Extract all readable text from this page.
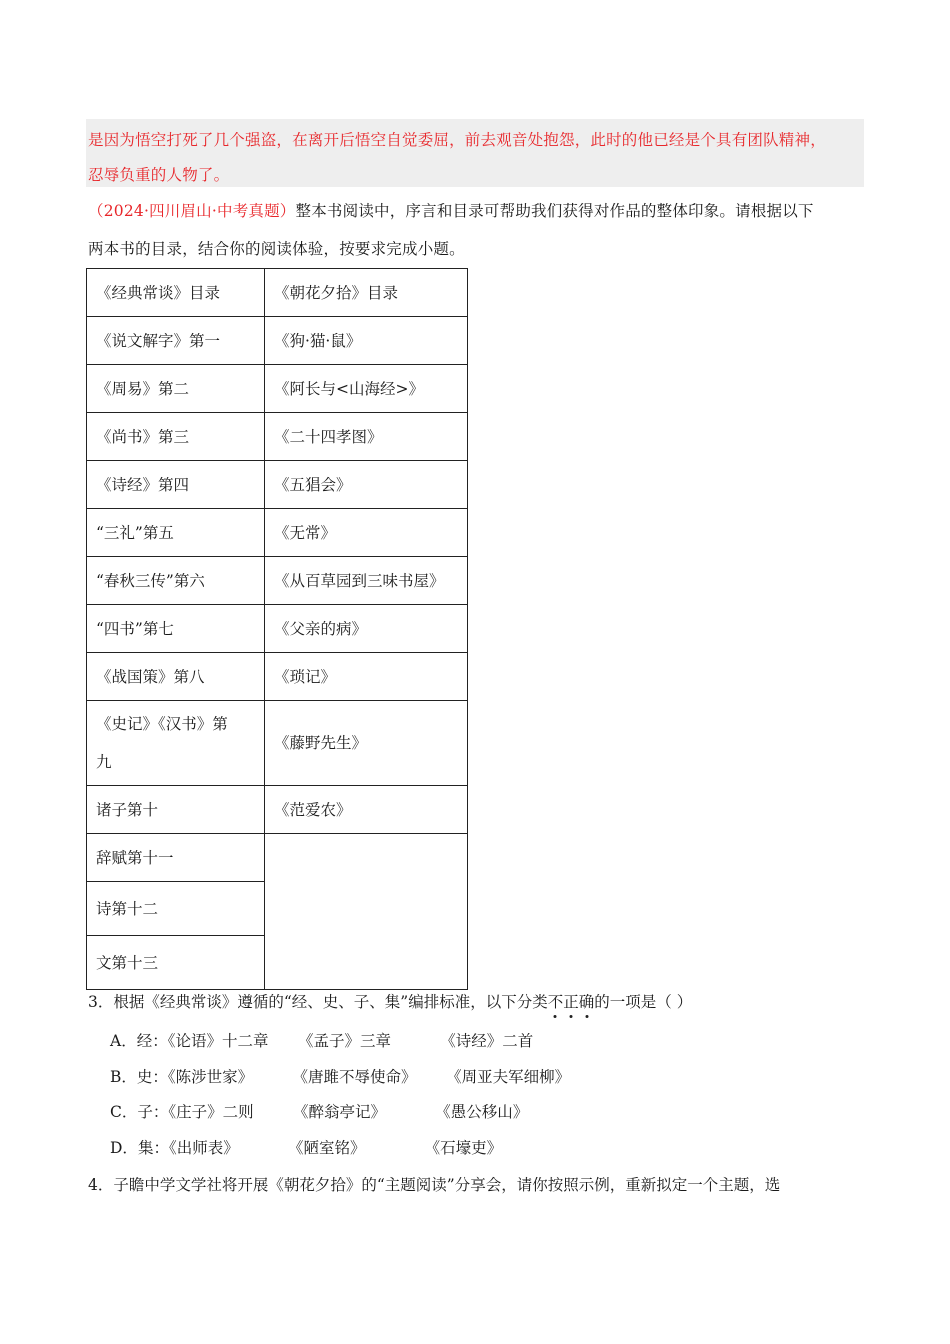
是因为悟空打死了几个强盗，在离开后悟空自觉委屈，前去观音处抱怨，此时的他已经是个具有团队精神，
忍辱负重的人物了。
（2024·四川眉山·中考真题）整本书阅读中，序言和目录可帮助我们获得对作品的整体印象。请根据以下
两本书的目录，结合你的阅读体验，按要求完成小题。
《经典常谈》目录	《朝花夕拾》目录
《说文解字》第一	《狗·猫·鼠》
《周易》第二	《阿长与<山海经>》
《尚书》第三	《二十四孝图》
《诗经》第四	《五猖会》
“三礼”第五	《无常》
“春秋三传”第六	《从百草园到三味书屋》
“四书”第七	《父亲的病》
《战国策》第八	《琐记》

《史记》《汉书》第
九	《藤野先生》
诸子第十	《范爱农》
辞赋第十一	
诗第十二	
文第十三	
3．根据《经典常谈》遵循的“经、史、子、集”编排标准，以下分类不正确的一项是（ ）
A．经：《论语》十二章      《孟子》三章          《诗经》二首
B．史：《陈涉世家》        《唐雎不辱使命》      《周亚夫军细柳》
C．子：《庄子》二则        《醉翁亭记》          《愚公移山》
D．集：《出师表》          《陋室铭》            《石壕吏》
4．子瞻中学文学社将开展《朝花夕拾》的“主题阅读”分享会，请你按照示例，重新拟定一个主题，选
